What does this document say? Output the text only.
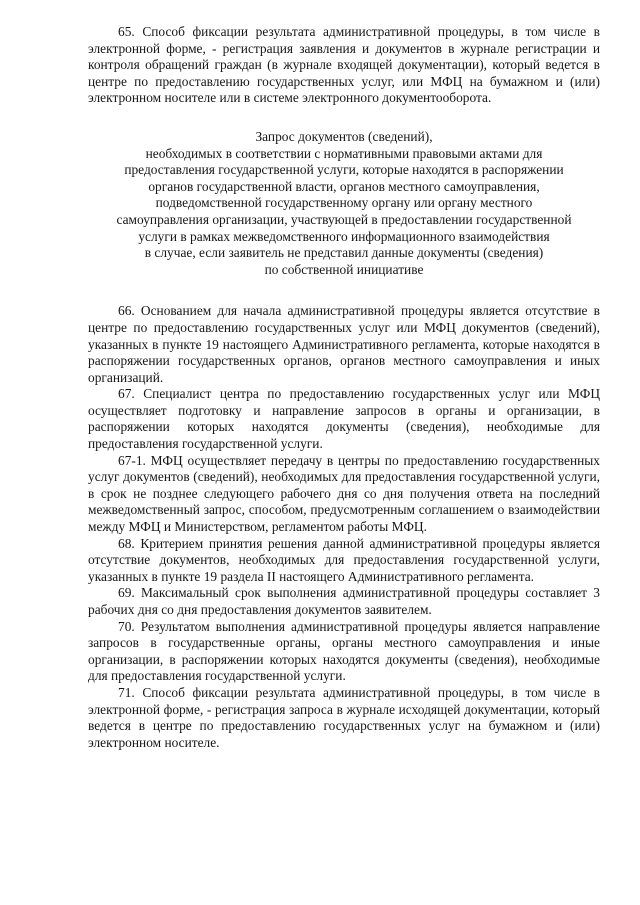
65. Способ фиксации результата административной процедуры, в том числе в электронной форме, - регистрация заявления и документов в журнале регистрации и контроля обращений граждан (в журнале входящей документации), который ведется в центре по предоставлению государственных услуг, или МФЦ на бумажном и (или) электронном носителе или в системе электронного документооборота.

Запрос документов (сведений),
необходимых в соответствии с нормативными правовыми актами для
предоставления государственной услуги, которые находятся в распоряжении
органов государственной власти, органов местного самоуправления,
подведомственной государственному органу или органу местного
самоуправления организации, участвующей в предоставлении государственной
услуги в рамках межведомственного информационного взаимодействия
в случае, если заявитель не представил данные документы (сведения)
по собственной инициативе

66. Основанием для начала административной процедуры является отсутствие в центре по предоставлению государственных услуг или МФЦ документов (сведений), указанных в пункте 19 настоящего Административного регламента, которые находятся в распоряжении государственных органов, органов местного самоуправления и иных организаций.

67. Специалист центра по предоставлению государственных услуг или МФЦ осуществляет подготовку и направление запросов в органы и организации, в распоряжении которых находятся документы (сведения), необходимые для предоставления государственной услуги.

67-1. МФЦ осуществляет передачу в центры по предоставлению государственных услуг документов (сведений), необходимых для предоставления государственной услуги, в срок не позднее следующего рабочего дня со дня получения ответа на последний межведомственный запрос, способом, предусмотренным соглашением о взаимодействии между МФЦ и Министерством, регламентом работы МФЦ.

68. Критерием принятия решения данной административной процедуры является отсутствие документов, необходимых для предоставления государственной услуги, указанных в пункте 19 раздела II настоящего Административного регламента.

69. Максимальный срок выполнения административной процедуры составляет 3 рабочих дня со дня предоставления документов заявителем.

70. Результатом выполнения административной процедуры является направление запросов в государственные органы, органы местного самоуправления и иные организации, в распоряжении которых находятся документы (сведения), необходимые для предоставления государственной услуги.

71. Способ фиксации результата административной процедуры, в том числе в электронной форме, - регистрация запроса в журнале исходящей документации, который ведется в центре по предоставлению государственных услуг на бумажном и (или) электронном носителе.
